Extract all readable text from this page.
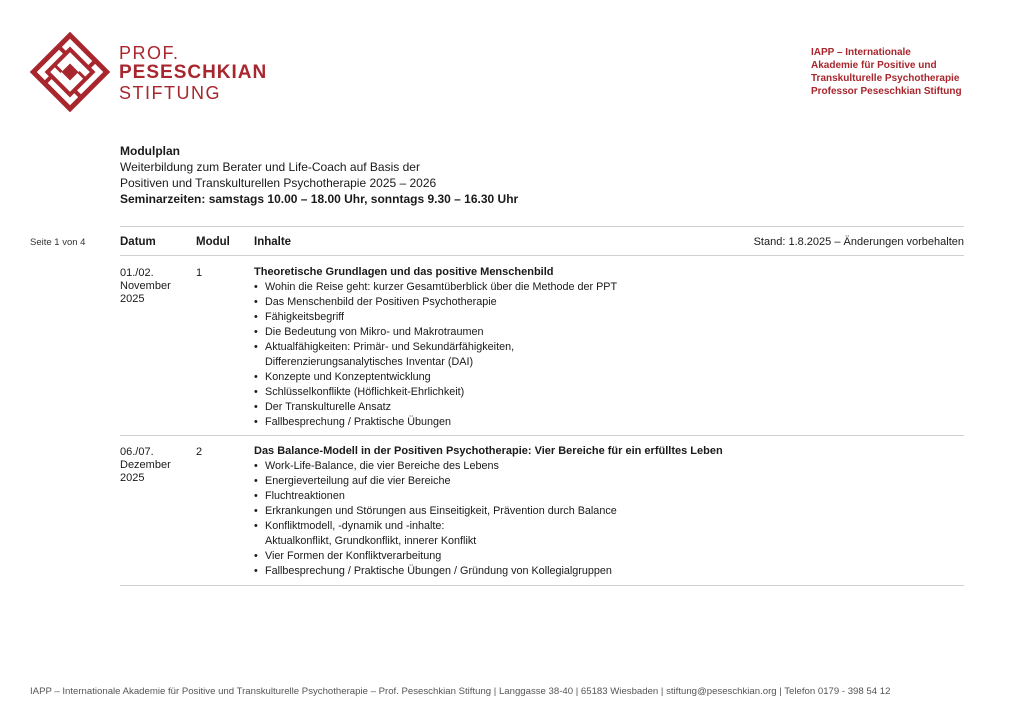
PROF.
PESESCHKIAN
STIFTUNG
IAPP – Internationale
Akademie für Positive und
Transkulturelle Psychotherapie
Professor Peseschkian Stiftung
Modulplan
Weiterbildung zum Berater und Life-Coach auf Basis der
Positiven und Transkulturellen Psychotherapie 2025 – 2026
Seminarzeiten: samstags 10.00 – 18.00 Uhr, sonntags 9.30 – 16.30 Uhr
Seite 1 von 4	Datum	Modul Inhalte	Stand: 1.8.2025 – Änderungen vorbehalten
01./02.
November
2025
1	Theoretische Grundlagen und das positive Menschenbild
• Wohin die Reise geht: kurzer Gesamtüberblick über die Methode der PPT
• Das Menschenbild der Positiven Psychotherapie
• Fähigkeitsbegriff
• Die Bedeutung von Mikro- und Makrotraumen
• Aktualfähigkeiten: Primär- und Sekundärfähigkeiten,
Differenzierungsanalytisches Inventar (DAI)
• Konzepte und Konzeptentwicklung
• Schlüsselkonflikte (Höflichkeit-Ehrlichkeit)
• Der Transkulturelle Ansatz
• Fallbesprechung / Praktische Übungen
06./07.
Dezember
2025
2	Das Balance-Modell in der Positiven Psychotherapie: Vier Bereiche für ein erfülltes Leben
• Work-Life-Balance, die vier Bereiche des Lebens
• Energieverteilung auf die vier Bereiche
• Fluchtreaktionen
• Erkrankungen und Störungen aus Einseitigkeit, Prävention durch Balance
• Konfliktmodell, -dynamik und -inhalte:
Aktualkonflikt, Grundkonflikt, innerer Konflikt
• Vier Formen der Konfliktverarbeitung
• Fallbesprechung / Praktische Übungen / Gründung von Kollegialgruppen
IAPP – Internationale Akademie für Positive und Transkulturelle Psychotherapie – Prof. Peseschkian Stiftung | Langgasse 38-40 | 65183 Wiesbaden | stiftung@peseschkian.org | Telefon 0179 - 398 54 12
